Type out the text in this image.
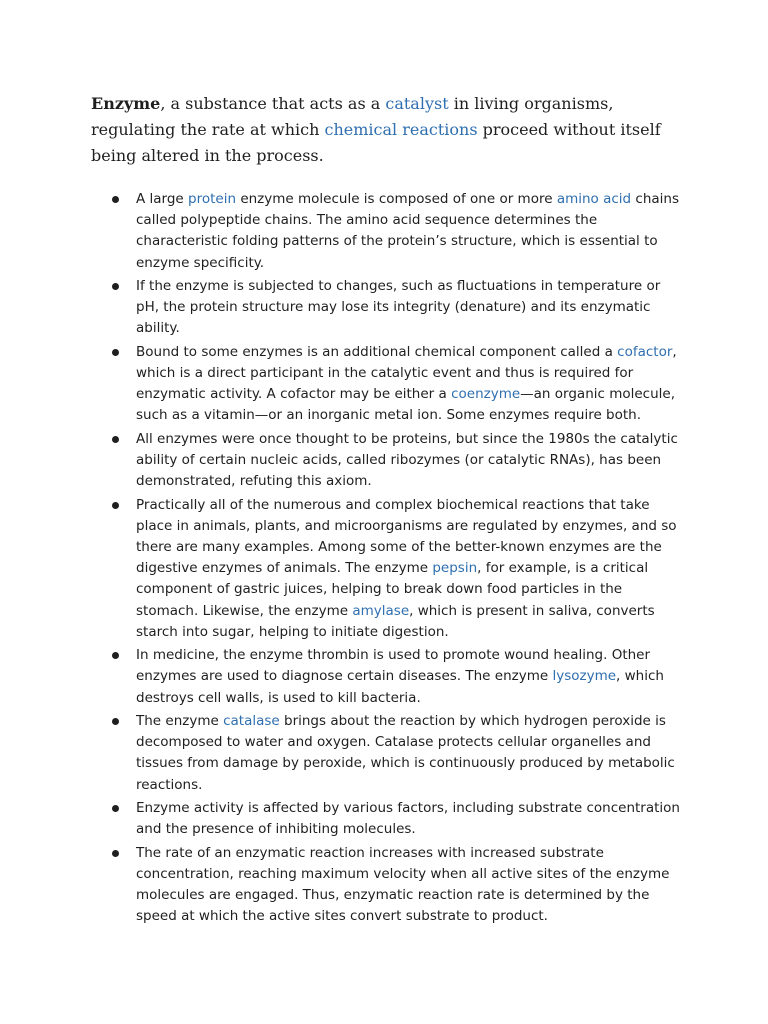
Enzyme, a substance that acts as a catalyst in living organisms, regulating the rate at which chemical reactions proceed without itself being altered in the process.

A large protein enzyme molecule is composed of one or more amino acid chains called polypeptide chains. The amino acid sequence determines the characteristic folding patterns of the protein’s structure, which is essential to enzyme specificity.
If the enzyme is subjected to changes, such as fluctuations in temperature or pH, the protein structure may lose its integrity (denature) and its enzymatic ability.
Bound to some enzymes is an additional chemical component called a cofactor, which is a direct participant in the catalytic event and thus is required for enzymatic activity. A cofactor may be either a coenzyme—an organic molecule, such as a vitamin—or an inorganic metal ion. Some enzymes require both.
All enzymes were once thought to be proteins, but since the 1980s the catalytic ability of certain nucleic acids, called ribozymes (or catalytic RNAs), has been demonstrated, refuting this axiom.
Practically all of the numerous and complex biochemical reactions that take place in animals, plants, and microorganisms are regulated by enzymes, and so there are many examples. Among some of the better-known enzymes are the digestive enzymes of animals. The enzyme pepsin, for example, is a critical component of gastric juices, helping to break down food particles in the stomach. Likewise, the enzyme amylase, which is present in saliva, converts starch into sugar, helping to initiate digestion.
In medicine, the enzyme thrombin is used to promote wound healing. Other enzymes are used to diagnose certain diseases. The enzyme lysozyme, which destroys cell walls, is used to kill bacteria.
The enzyme catalase brings about the reaction by which hydrogen peroxide is decomposed to water and oxygen. Catalase protects cellular organelles and tissues from damage by peroxide, which is continuously produced by metabolic reactions.
Enzyme activity is affected by various factors, including substrate concentration and the presence of inhibiting molecules.
The rate of an enzymatic reaction increases with increased substrate concentration, reaching maximum velocity when all active sites of the enzyme molecules are engaged. Thus, enzymatic reaction rate is determined by the speed at which the active sites convert substrate to product.
